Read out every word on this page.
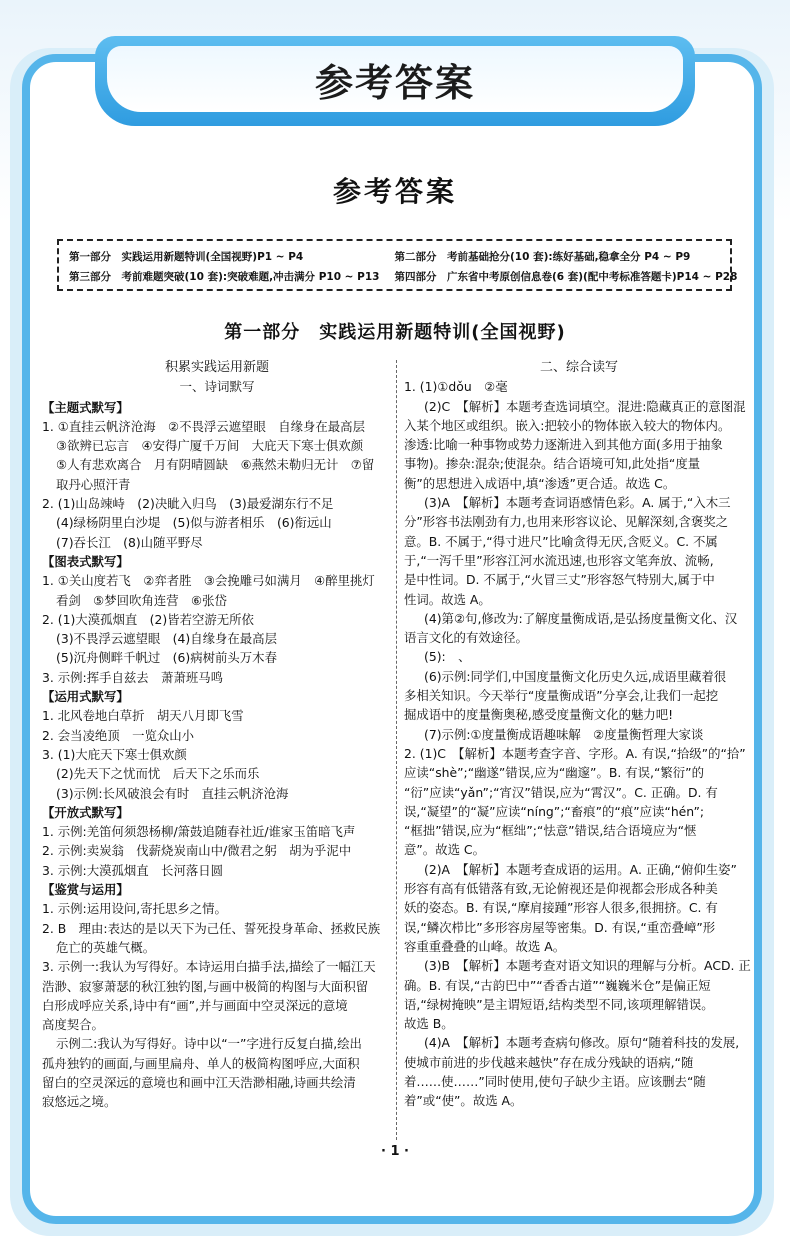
参考答案
参考答案
第一部分　实践运用新题特训(全国视野)P1 ~ P4	第二部分　考前基础抢分(10 套):练好基础,稳拿全分 P4 ~ P9
第三部分　考前难题突破(10 套):突破难题,冲击满分 P10 ~ P13	第四部分　广东省中考原创信息卷(6 套)(配中考标准答题卡)P14 ~ P28
第一部分　实践运用新题特训(全国视野)
积累实践运用新题
一、诗词默写
【主题式默写】
1. ①直挂云帆济沧海　②不畏浮云遮望眼　自缘身在最高层
③欲辨已忘言　④安得广厦千万间　大庇天下寒士俱欢颜
⑤人有悲欢离合　月有阴晴圆缺　⑥燕然未勒归无计　⑦留
取丹心照汗青
2. (1)山岛竦峙　(2)决眦入归鸟　(3)最爱湖东行不足
(4)绿杨阴里白沙堤　(5)似与游者相乐　(6)衔远山
(7)吞长江　(8)山随平野尽
【图表式默写】
1. ①关山度若飞　②弈者胜　③会挽雕弓如满月　④醉里挑灯
看剑　⑤梦回吹角连营　⑥张岱
2. (1)大漠孤烟直　(2)皆若空游无所依
(3)不畏浮云遮望眼　(4)自缘身在最高层
(5)沉舟侧畔千帆过　(6)病树前头万木春
3. 示例:挥手自兹去　萧萧班马鸣
【运用式默写】
1. 北风卷地白草折　胡天八月即飞雪
2. 会当凌绝顶　一览众山小
3. (1)大庇天下寒士俱欢颜
(2)先天下之忧而忧　后天下之乐而乐
(3)示例:长风破浪会有时　直挂云帆济沧海
【开放式默写】
1. 示例:羌笛何须怨杨柳/箫鼓追随春社近/谁家玉笛暗飞声
2. 示例:卖炭翁　伐薪烧炭南山中/微君之躬　胡为乎泥中
3. 示例:大漠孤烟直　长河落日圆
【鉴赏与运用】
1. 示例:运用设问,寄托思乡之情。
2. B　理由:表达的是以天下为己任、誓死投身革命、拯救民族
危亡的英雄气概。
3. 示例一:我认为写得好。本诗运用白描手法,描绘了一幅江天
浩渺、寂寥萧瑟的秋江独钓图,与画中极简的构图与大面积留
白形成呼应关系,诗中有“画”,并与画面中空灵深远的意境
高度契合。
示例二:我认为写得好。诗中以“一”字进行反复白描,绘出
孤舟独钓的画面,与画里扁舟、单人的极简构图呼应,大面积
留白的空灵深远的意境也和画中江天浩渺相融,诗画共绘清
寂悠远之境。
二、综合读写
1. (1)①dǒu　②毫
(2)C　【解析】本题考查选词填空。混进:隐藏真正的意图混
入某个地区或组织。嵌入:把较小的物体嵌入较大的物体内。
渗透:比喻一种事物或势力逐渐进入到其他方面(多用于抽象
事物)。掺杂:混杂;使混杂。结合语境可知,此处指“度量
衡”的思想进入成语中,填“渗透”更合适。故选 C。
(3)A　【解析】本题考查词语感情色彩。A. 属于,“入木三
分”形容书法刚劲有力,也用来形容议论、见解深刻,含褒奖之
意。B. 不属于,“得寸进尺”比喻贪得无厌,含贬义。C. 不属
于,“一泻千里”形容江河水流迅速,也形容文笔奔放、流畅,
是中性词。D. 不属于,“火冒三丈”形容怒气特别大,属于中
性词。故选 A。
(4)第②句,修改为:了解度量衡成语,是弘扬度量衡文化、汉
语言文化的有效途径。
(5):　、
(6)示例:同学们,中国度量衡文化历史久远,成语里藏着很
多相关知识。今天举行“度量衡成语”分享会,让我们一起挖
掘成语中的度量衡奥秘,感受度量衡文化的魅力吧!
(7)示例:①度量衡成语趣味解　②度量衡哲理大家谈
2. (1)C　【解析】本题考查字音、字形。A. 有误,“拾级”的“拾”
应读“shè”;“幽遂”错误,应为“幽邃”。B. 有误,“繁衍”的
“衍”应读“yǎn”;“宵汉”错误,应为“霄汉”。C. 正确。D. 有
误,“凝望”的“凝”应读“níng”;“畜痕”的“痕”应读“hén”;
“框拙”错误,应为“框绌”;“怯意”错误,结合语境应为“惬
意”。故选 C。
(2)A　【解析】本题考查成语的运用。A. 正确,“俯仰生姿”
形容有高有低错落有致,无论俯视还是仰视都会形成各种美
妖的姿态。B. 有误,“摩肩接踵”形容人很多,很拥挤。C. 有
误,“鳞次栉比”多形容房屋等密集。D. 有误,“重峦叠嶂”形
容重重叠叠的山峰。故选 A。
(3)B　【解析】本题考查对语文知识的理解与分析。ACD. 正
确。B. 有误,“古韵巴中”“香香古道”“巍巍米仓”是偏正短
语,“绿树掩映”是主谓短语,结构类型不同,该项理解错误。
故选 B。
(4)A　【解析】本题考查病句修改。原句“随着科技的发展,
使城市前进的步伐越来越快”存在成分残缺的语病,“随
着……使……”同时使用,使句子缺少主语。应该删去“随
着”或“使”。故选 A。
· 1 ·
